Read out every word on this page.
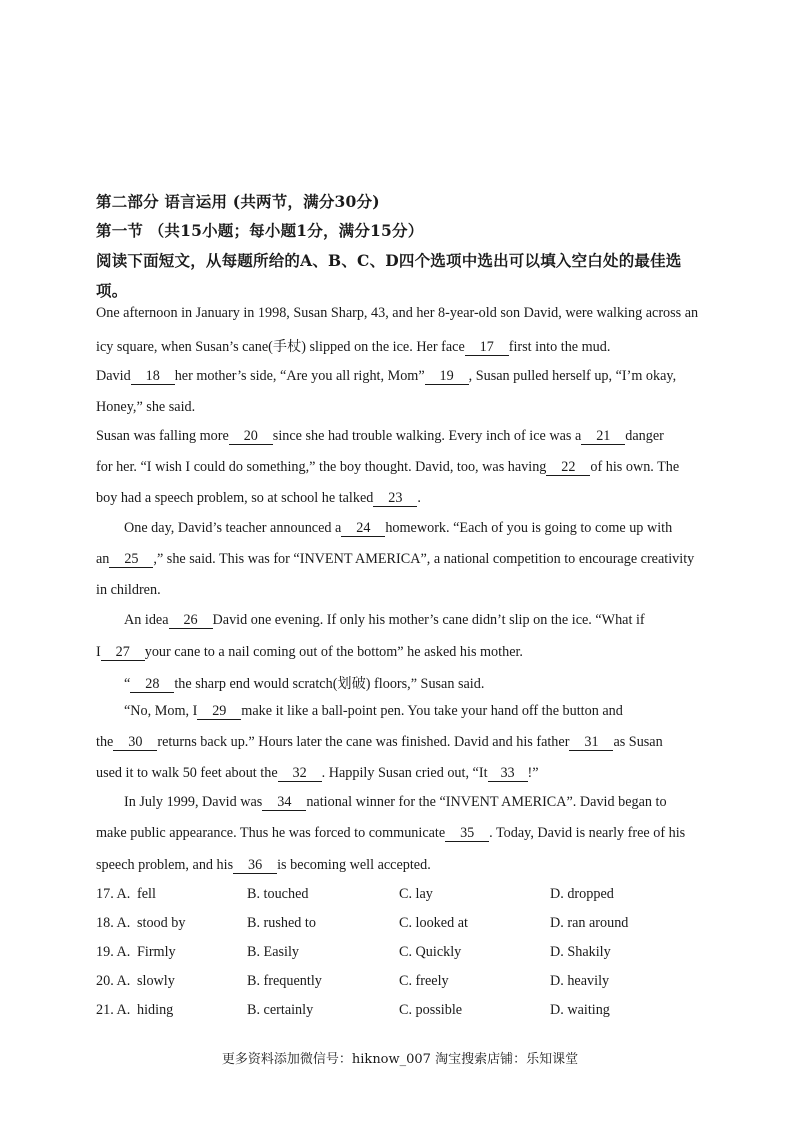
第二部分 语言运用 (共两节，满分30分)
第一节 （共15小题；每小题1分，满分15分）
阅读下面短文，从每题所给的A、B、C、D四个选项中选出可以填入空白处的最佳选
项。
One afternoon in January in 1998, Susan Sharp, 43, and her 8-year-old son David, were walking across an
icy square, when Susan’s cane(手杖) slipped on the ice. Her face 17 first into the mud.
David 18 her mother’s side, “Are you all right, Mom” 19 , Susan pulled herself up, “I’m okay,
Honey,” she said.
Susan was falling more 20 since she had trouble walking. Every inch of ice was a 21 danger
for her. “I wish I could do something,” the boy thought. David, too, was having 22 of his own. The
boy had a speech problem, so at school he talked 23 .
One day, David’s teacher announced a 24 homework. “Each of you is going to come up with
an 25 ,” she said. This was for “INVENT AMERICA”, a national competition to encourage creativity
in children.
An idea 26 David one evening. If only his mother’s cane didn’t slip on the ice. “What if
I 27 your cane to a nail coming out of the bottom” he asked his mother.
“ 28 the sharp end would scratch(划破) floors,” Susan said.
“No, Mom, I 29 make it like a ball-point pen. You take your hand off the button and
the 30 returns back up.” Hours later the cane was finished. David and his father 31 as Susan
used it to walk 50 feet about the 32 . Happily Susan cried out, “It 33 !”
In July 1999, David was 34 national winner for the “INVENT AMERICA”. David began to
make public appearance. Thus he was forced to communicate 35 . Today, David is nearly free of his
speech problem, and his 36 is becoming well accepted.
17. A. fell	B. touched	C. lay	D. dropped
18. A. stood by	B. rushed to	C. looked at	D. ran around
19. A. Firmly	B. Easily	C. Quickly	D. Shakily
20. A. slowly	B. frequently	C. freely	D. heavily
21. A. hiding	B. certainly	C. possible	D. waiting
更多资料添加微信号：hiknow_007 淘宝搜索店铺：乐知课堂
